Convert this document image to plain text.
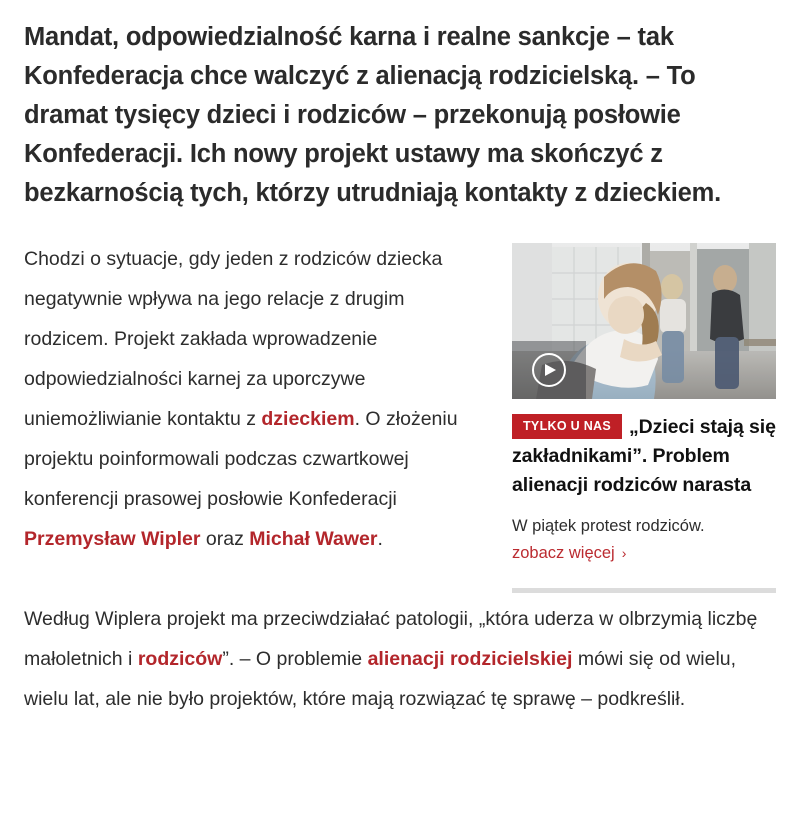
Mandat, odpowiedzialność karna i realne sankcje – tak Konfederacja chce walczyć z alienacją rodzicielską. – To dramat tysięcy dzieci i rodziców – przekonują posłowie Konfederacji. Ich nowy projekt ustawy ma skończyć z bezkarnością tych, którzy utrudniają kontakty z dzieckiem.
TYLKO U NAS „Dzieci stają się zakładnikami”. Problem alienacji rodziców narasta

W piątek protest rodziców.

zobacz więcej ›

Chodzi o sytuacje, gdy jeden z rodziców dziecka negatywnie wpływa na jego relacje z drugim rodzicem. Projekt zakłada wprowadzenie odpowiedzialności karnej za uporczywe uniemożliwianie kontaktu z dzieckiem. O złożeniu projektu poinformowali podczas czwartkowej konferencji prasowej posłowie Konfederacji Przemysław Wipler oraz Michał Wawer.

Według Wiplera projekt ma przeciwdziałać patologii, „która uderza w olbrzymią liczbę małoletnich i rodziców”. – O problemie alienacji rodzicielskiej mówi się od wielu, wielu lat, ale nie było projektów, które mają rozwiązać tę sprawę – podkreślił.
